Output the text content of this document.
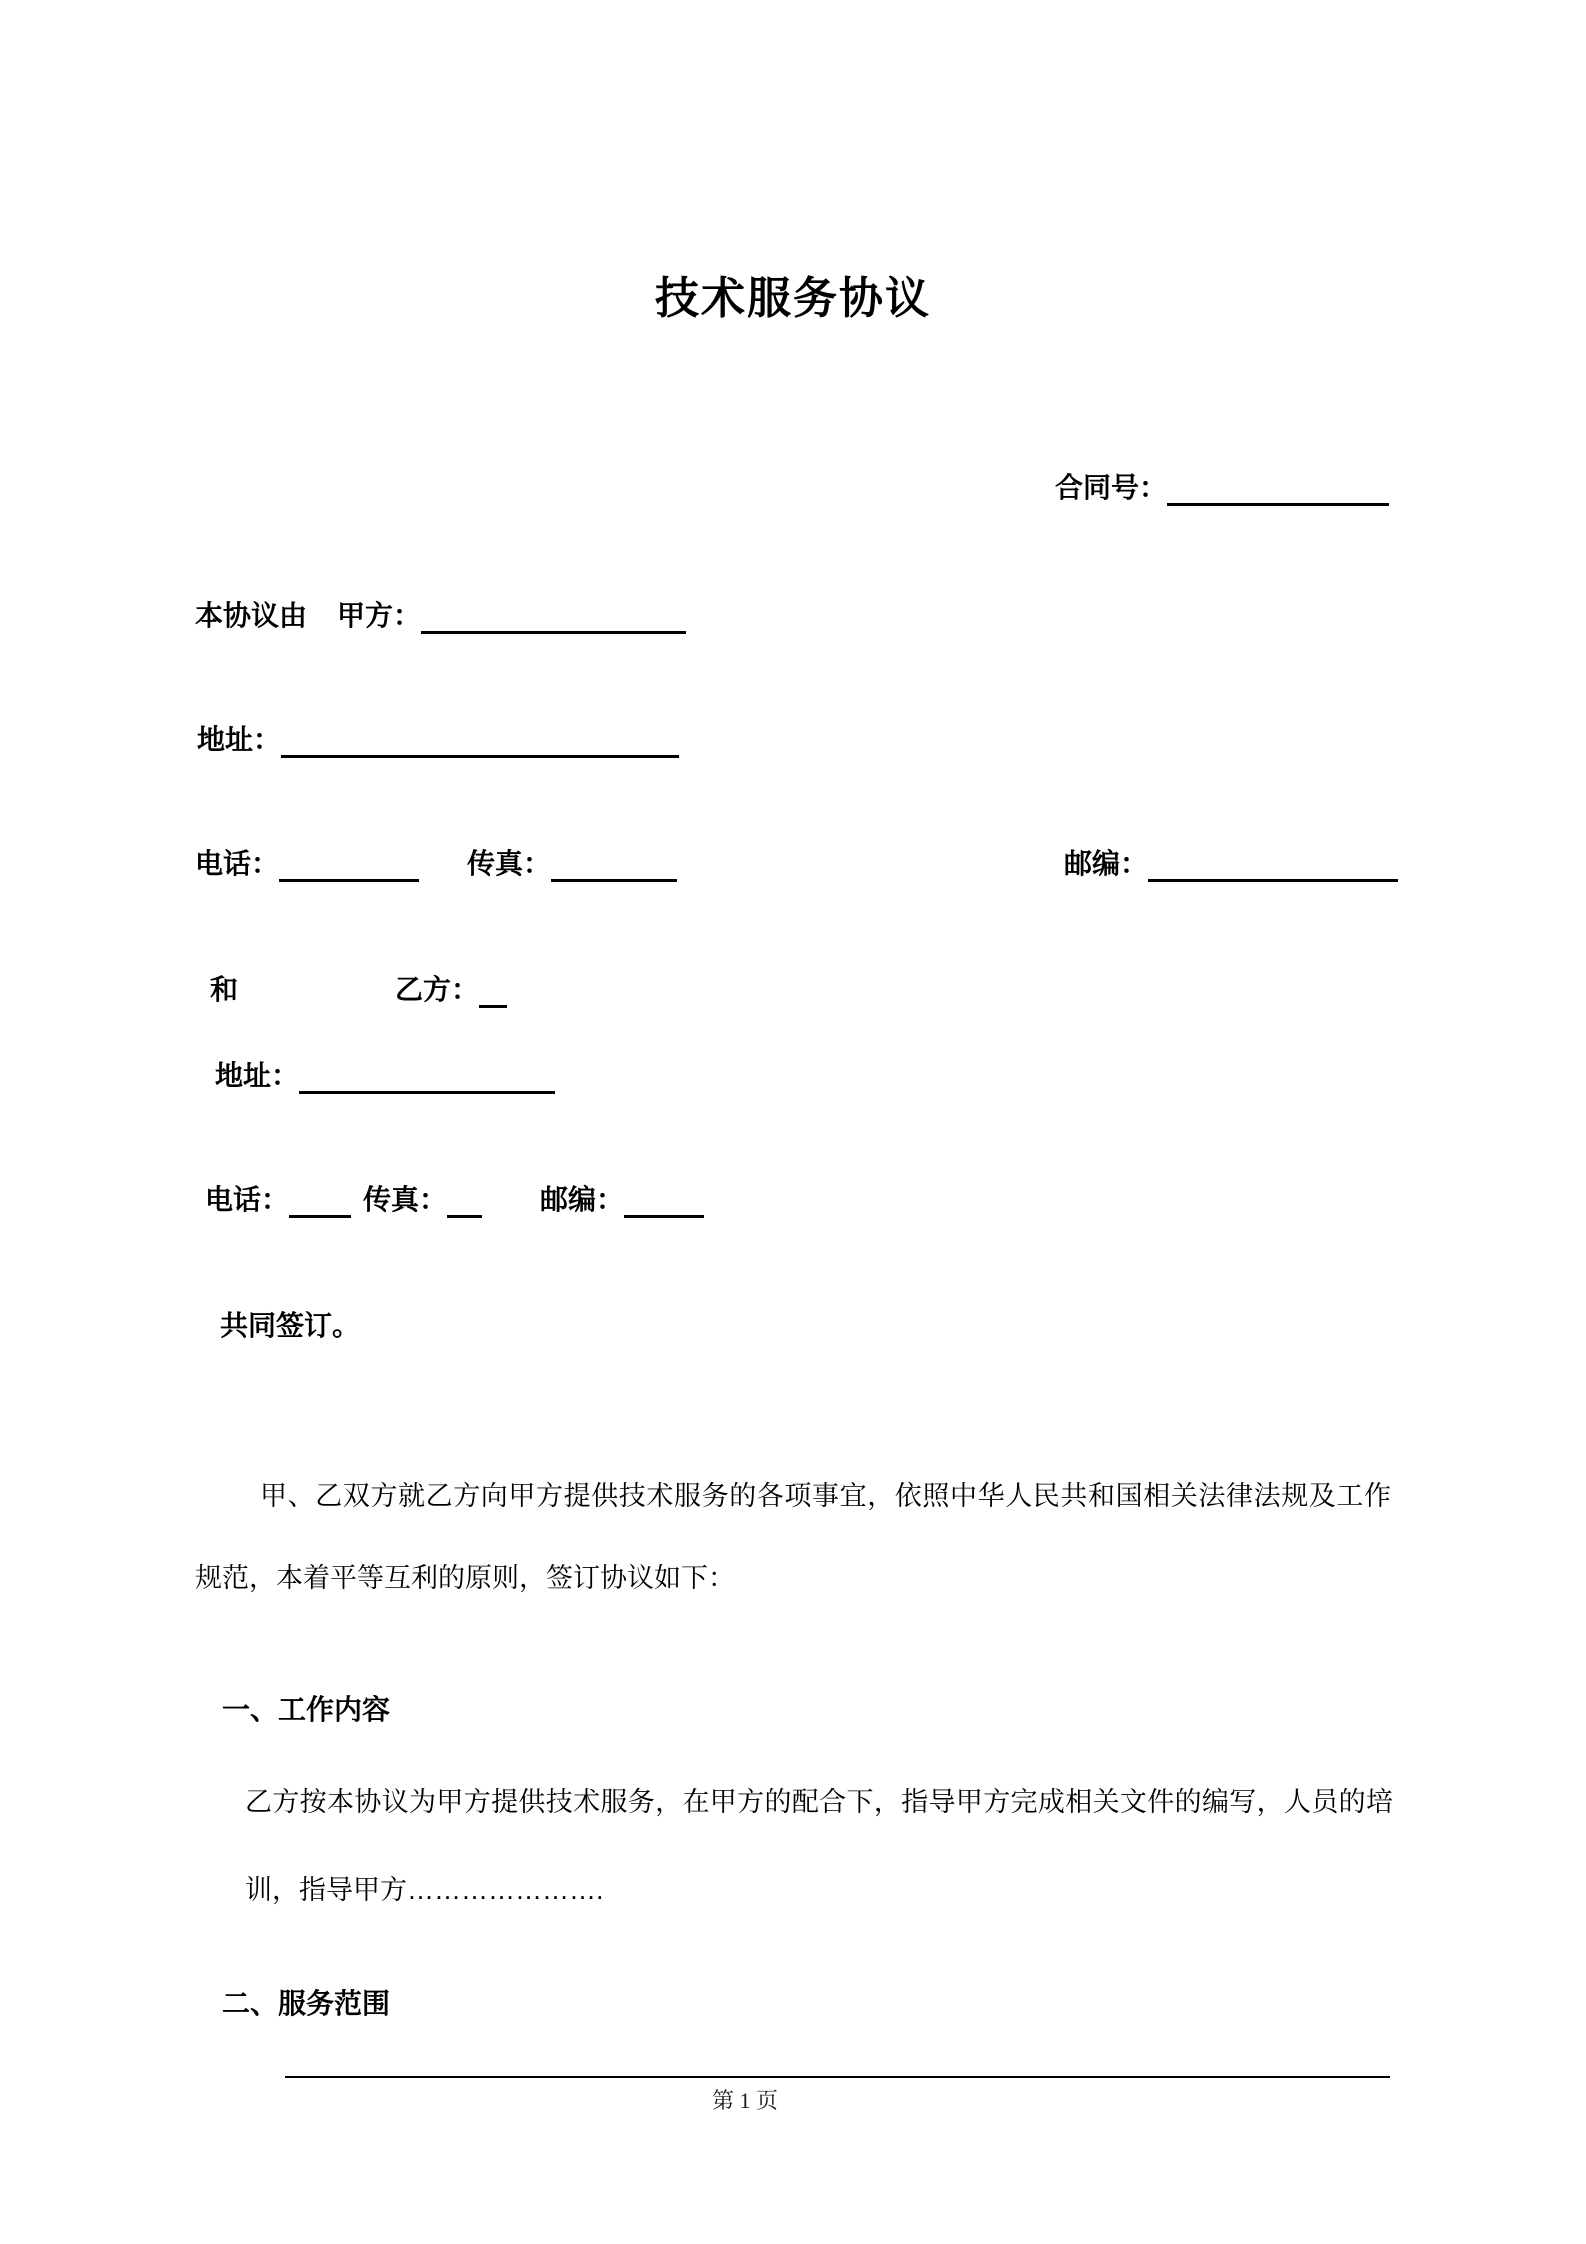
技术服务协议
合同号：
本协议由 甲方：
地址：
电话：	传真：	邮编：
和	乙方：
地址：
电话：	传真：	邮编：
共同签订。

甲、乙双方就乙方向甲方提供技术服务的各项事宜，依照中华人民共和国相关法律法规及工作规范，本着平等互利的原则，签订协议如下：

一、工作内容

乙方按本协议为甲方提供技术服务，在甲方的配合下，指导甲方完成相关文件的编写，人员的培训，指导甲方………………….

二、服务范围
第 1 页
